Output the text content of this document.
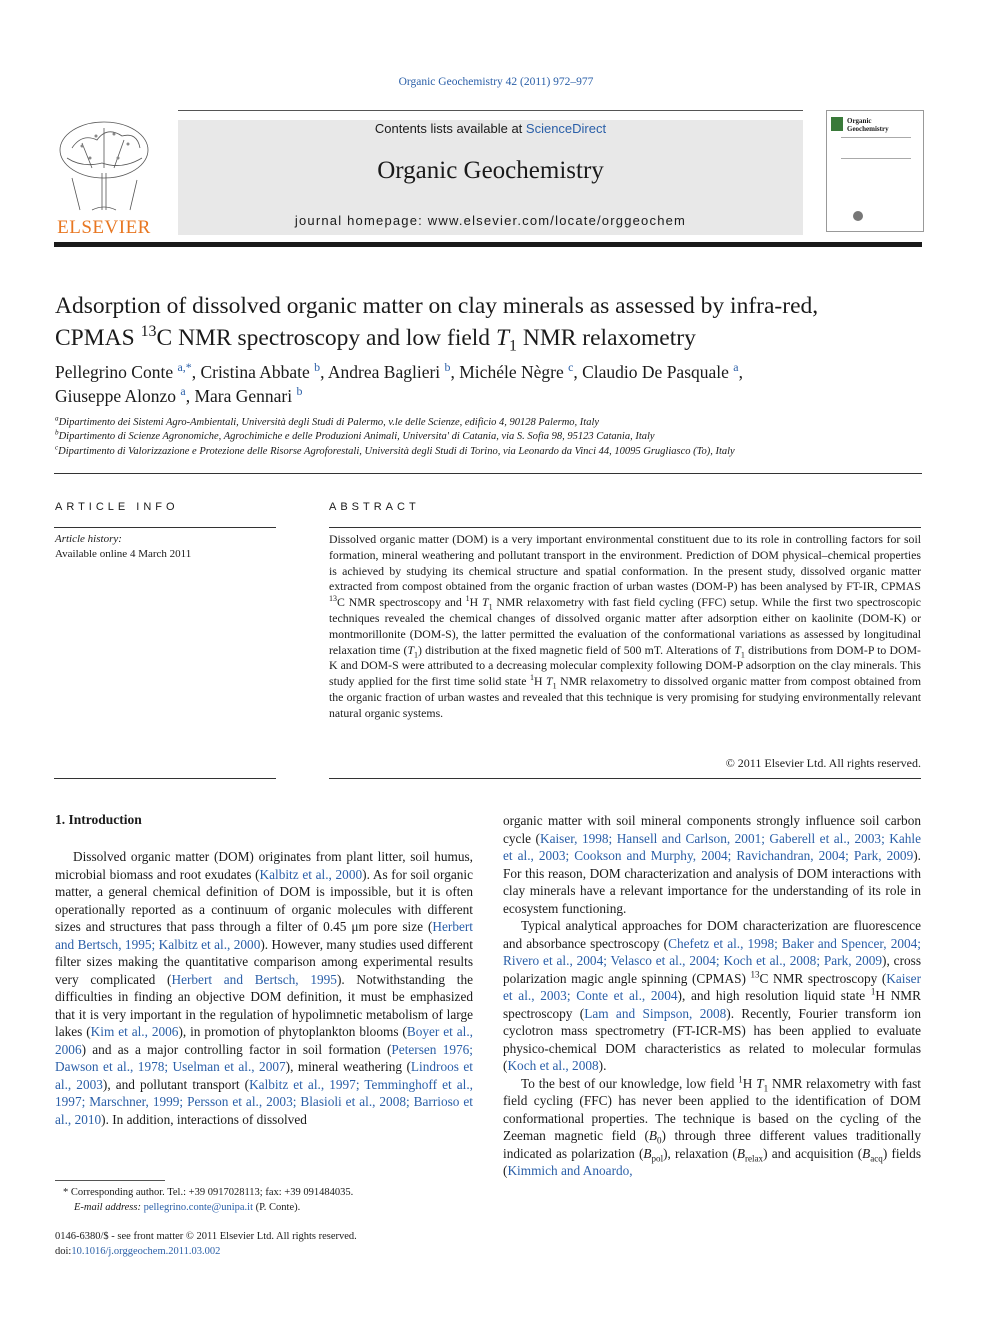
Organic Geochemistry 42 (2011) 972–977
Contents lists available at ScienceDirect
Organic Geochemistry
journal homepage: www.elsevier.com/locate/orggeochem
ELSEVIER
Organic
Geochemistry
Adsorption of dissolved organic matter on clay minerals as assessed by infra-red,
CPMAS $^{13}$C NMR spectroscopy and low field $T_1$ NMR relaxometry
Pellegrino Conte $^{a,*}$, Cristina Abbate $^b$, Andrea Baglieri $^b$, Michéle Nègre $^c$, Claudio De Pasquale $^a$,
Giuseppe Alonzo $^a$, Mara Gennari $^b$
$^a$Dipartimento dei Sistemi Agro-Ambientali, Università degli Studi di Palermo, v.le delle Scienze, edificio 4, 90128 Palermo, Italy
$^b$Dipartimento di Scienze Agronomiche, Agrochimiche e delle Produzioni Animali, Universita' di Catania, via S. Sofia 98, 95123 Catania, Italy
$^c$Dipartimento di Valorizzazione e Protezione delle Risorse Agroforestali, Università degli Studi di Torino, via Leonardo da Vinci 44, 10095 Grugliasco (To), Italy
ARTICLE INFO
Article history:
Available online 4 March 2011
ABSTRACT
Dissolved organic matter (DOM) is a very important environmental constituent due to its role in controlling factors for soil formation, mineral weathering and pollutant transport in the environment. Prediction of DOM physical–chemical properties is achieved by studying its chemical structure and spatial conformation. In the present study, dissolved organic matter extracted from compost obtained from the organic fraction of urban wastes (DOM-P) has been analysed by FT-IR, CPMAS $^{13}$C NMR spectroscopy and $^1$H $T_1$ NMR relaxometry with fast field cycling (FFC) setup. While the first two spectroscopic techniques revealed the chemical changes of dissolved organic matter after adsorption either on kaolinite (DOM-K) or montmorillonite (DOM-S), the latter permitted the evaluation of the conformational variations as assessed by longitudinal relaxation time $(T_1)$ distribution at the fixed magnetic field of 500 mT. Alterations of $T_1$ distributions from DOM-P to DOM-K and DOM-S were attributed to a decreasing molecular complexity following DOM-P adsorption on the clay minerals. This study applied for the first time solid state $^1$H $T_1$ NMR relaxometry to dissolved organic matter from compost obtained from the organic fraction of urban wastes and revealed that this technique is very promising for studying environmentally relevant natural organic systems.
© 2011 Elsevier Ltd. All rights reserved.
1. Introduction

Dissolved organic matter (DOM) originates from plant litter, soil humus, microbial biomass and root exudates (Kalbitz et al., 2000). As for soil organic matter, a general chemical definition of DOM is impossible, but it is often operationally reported as a continuum of organic molecules with different sizes and structures that pass through a filter of 0.45 μm pore size (Herbert and Bertsch, 1995; Kalbitz et al., 2000). However, many studies used different filter sizes making the quantitative comparison among experimental results very complicated (Herbert and Bertsch, 1995). Notwithstanding the difficulties in finding an objective DOM definition, it must be emphasized that it is very important in the regulation of hypolimnetic metabolism of large lakes (Kim et al., 2006), in promotion of phytoplankton blooms (Boyer et al., 2006) and as a major controlling factor in soil formation (Petersen 1976; Dawson et al., 1978; Uselman et al., 2007), mineral weathering (Lindroos et al., 2003), and pollutant transport (Kalbitz et al., 1997; Temminghoff et al., 1997; Marschner, 1999; Persson et al., 2003; Blasioli et al., 2008; Barrioso et al., 2010). In addition, interactions of dissolved

* Corresponding author. Tel.: +39 0917028113; fax: +39 091484035.
E-mail address: pellegrino.conte@unipa.it (P. Conte).
0146-6380/$ - see front matter © 2011 Elsevier Ltd. All rights reserved.
doi:10.1016/j.orggeochem.2011.03.002

organic matter with soil mineral components strongly influence soil carbon cycle (Kaiser, 1998; Hansell and Carlson, 2001; Gaberell et al., 2003; Kahle et al., 2003; Cookson and Murphy, 2004; Ravichandran, 2004; Park, 2009). For this reason, DOM characterization and analysis of DOM interactions with clay minerals have a relevant importance for the understanding of its role in ecosystem functioning.

Typical analytical approaches for DOM characterization are fluorescence and absorbance spectroscopy (Chefetz et al., 1998; Baker and Spencer, 2004; Rivero et al., 2004; Velasco et al., 2004; Koch et al., 2008; Park, 2009), cross polarization magic angle spinning (CPMAS) $^{13}$C NMR spectroscopy (Kaiser et al., 2003; Conte et al., 2004), and high resolution liquid state $^1$H NMR spectroscopy (Lam and Simpson, 2008). Recently, Fourier transform ion cyclotron mass spectrometry (FT-ICR-MS) has been applied to evaluate physico-chemical DOM characteristics as related to molecular formulas (Koch et al., 2008).

To the best of our knowledge, low field $^1$H $T_1$ NMR relaxometry with fast field cycling (FFC) has never been applied to the identification of DOM conformational properties. The technique is based on the cycling of the Zeeman magnetic field $(B_0)$ through three different values traditionally indicated as polarization $(B_{pol})$, relaxation $(B_{relax})$ and acquisition $(B_{acq})$ fields (Kimmich and Anoardo,
